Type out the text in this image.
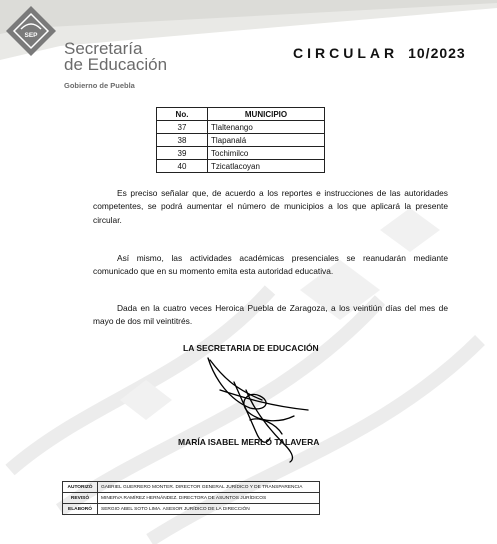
SEP
Secretaría
de Educación
Gobierno de Puebla
CIRCULAR 10/2023
No.	MUNICIPIO
37	Tlaltenango
38	Tlapanalá
39	Tochimilco
40	Tzicatlacoyan

Es preciso señalar que, de acuerdo a los reportes e instrucciones de las autoridades competentes, se podrá aumentar el número de municipios a los que aplicará la presente circular.

Así mismo, las actividades académicas presenciales se reanudarán mediante comunicado que en su momento emita esta autoridad educativa.

Dada en la cuatro veces Heroica Puebla de Zaragoza, a los veintiún días del mes de mayo de dos mil veintitrés.

LA SECRETARIA DE EDUCACIÓN
MARÍA ISABEL MERLO TALAVERA
AUTORIZÓ	GABRIEL GUERRERO MONTER. DIRECTOR GENERAL JURÍDICO Y DE TRANSPARENCIA
REVISÓ	MINERVA RAMÍREZ HERNÁNDEZ. DIRECTORA DE ASUNTOS JURÍDICOS
ELABORÓ	SERGIO ABEL SOTO LIMA. ASESOR JURÍDICO DE LA DIRECCIÓN
